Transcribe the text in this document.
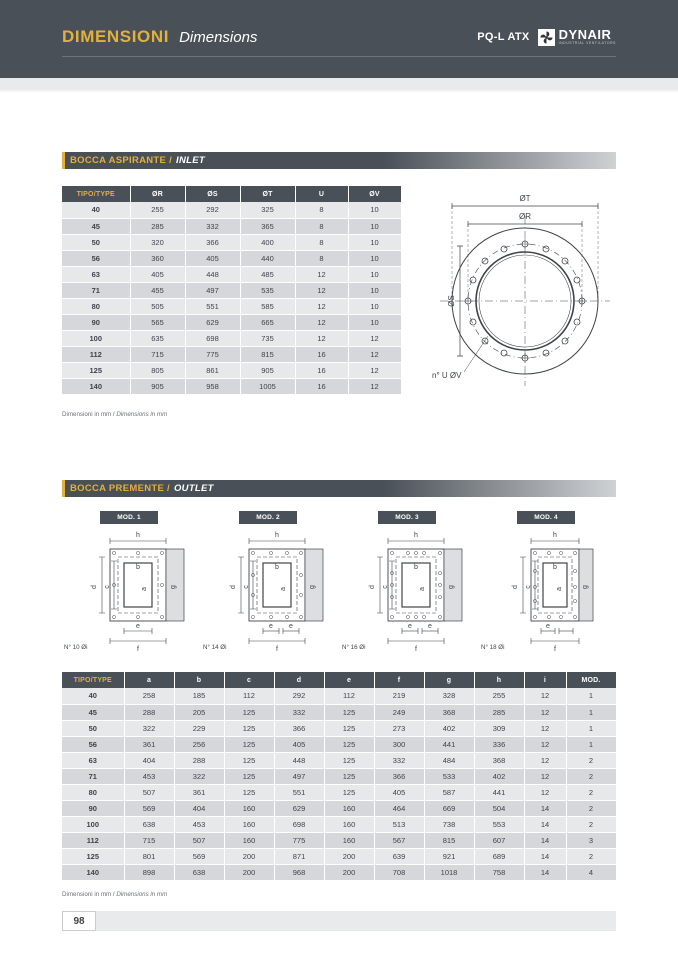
DIMENSIONI Dimensions	PQ-L ATX DYNAIR
INDUSTRIAL VENTILATORS
BOCCA ASPIRANTE / INLET
TIPO/TYPE	ØR	ØS	ØT	U	ØV
40	255	292	325	8	10
45	285	332	365	8	10
50	320	366	400	8	10
56	360	405	440	8	10
63	405	448	485	12	10
71	455	497	535	12	10
80	505	551	585	12	10
90	565	629	665	12	10
100	635	698	735	12	12
112	715	775	815	16	12
125	805	861	905	16	12
140	905	958	1005	16	12
Dimensioni in mm / Dimensions in mm
ØT
ØR
ØS
n° U ØV
BOCCA PREMENTE / OUTLET
MOD. 1
h
d c
b
a
g
e
f
N° 10 Øi
MOD. 2
h
d c
b
a
g
e e
f
N° 14 Øi
MOD. 3
h
d c
b
a
g
e e
f
N° 16 Øi
MOD. 4
h
d c
b
a
g
e
f
N° 18 Øi
TIPO/TYPE	a	b	c	d	e	f	g	h	i	MOD.
40	258	185	112	292	112	219	328	255	12	1
45	288	205	125	332	125	249	368	285	12	1
50	322	229	125	366	125	273	402	309	12	1
56	361	256	125	405	125	300	441	336	12	1
63	404	288	125	448	125	332	484	368	12	2
71	453	322	125	497	125	366	533	402	12	2
80	507	361	125	551	125	405	587	441	12	2
90	569	404	160	629	160	464	669	504	14	2
100	638	453	160	698	160	513	738	553	14	2
112	715	507	160	775	160	567	815	607	14	3
125	801	569	200	871	200	639	921	689	14	2
140	898	638	200	968	200	708	1018	758	14	4
Dimensioni in mm / Dimensions in mm
98
